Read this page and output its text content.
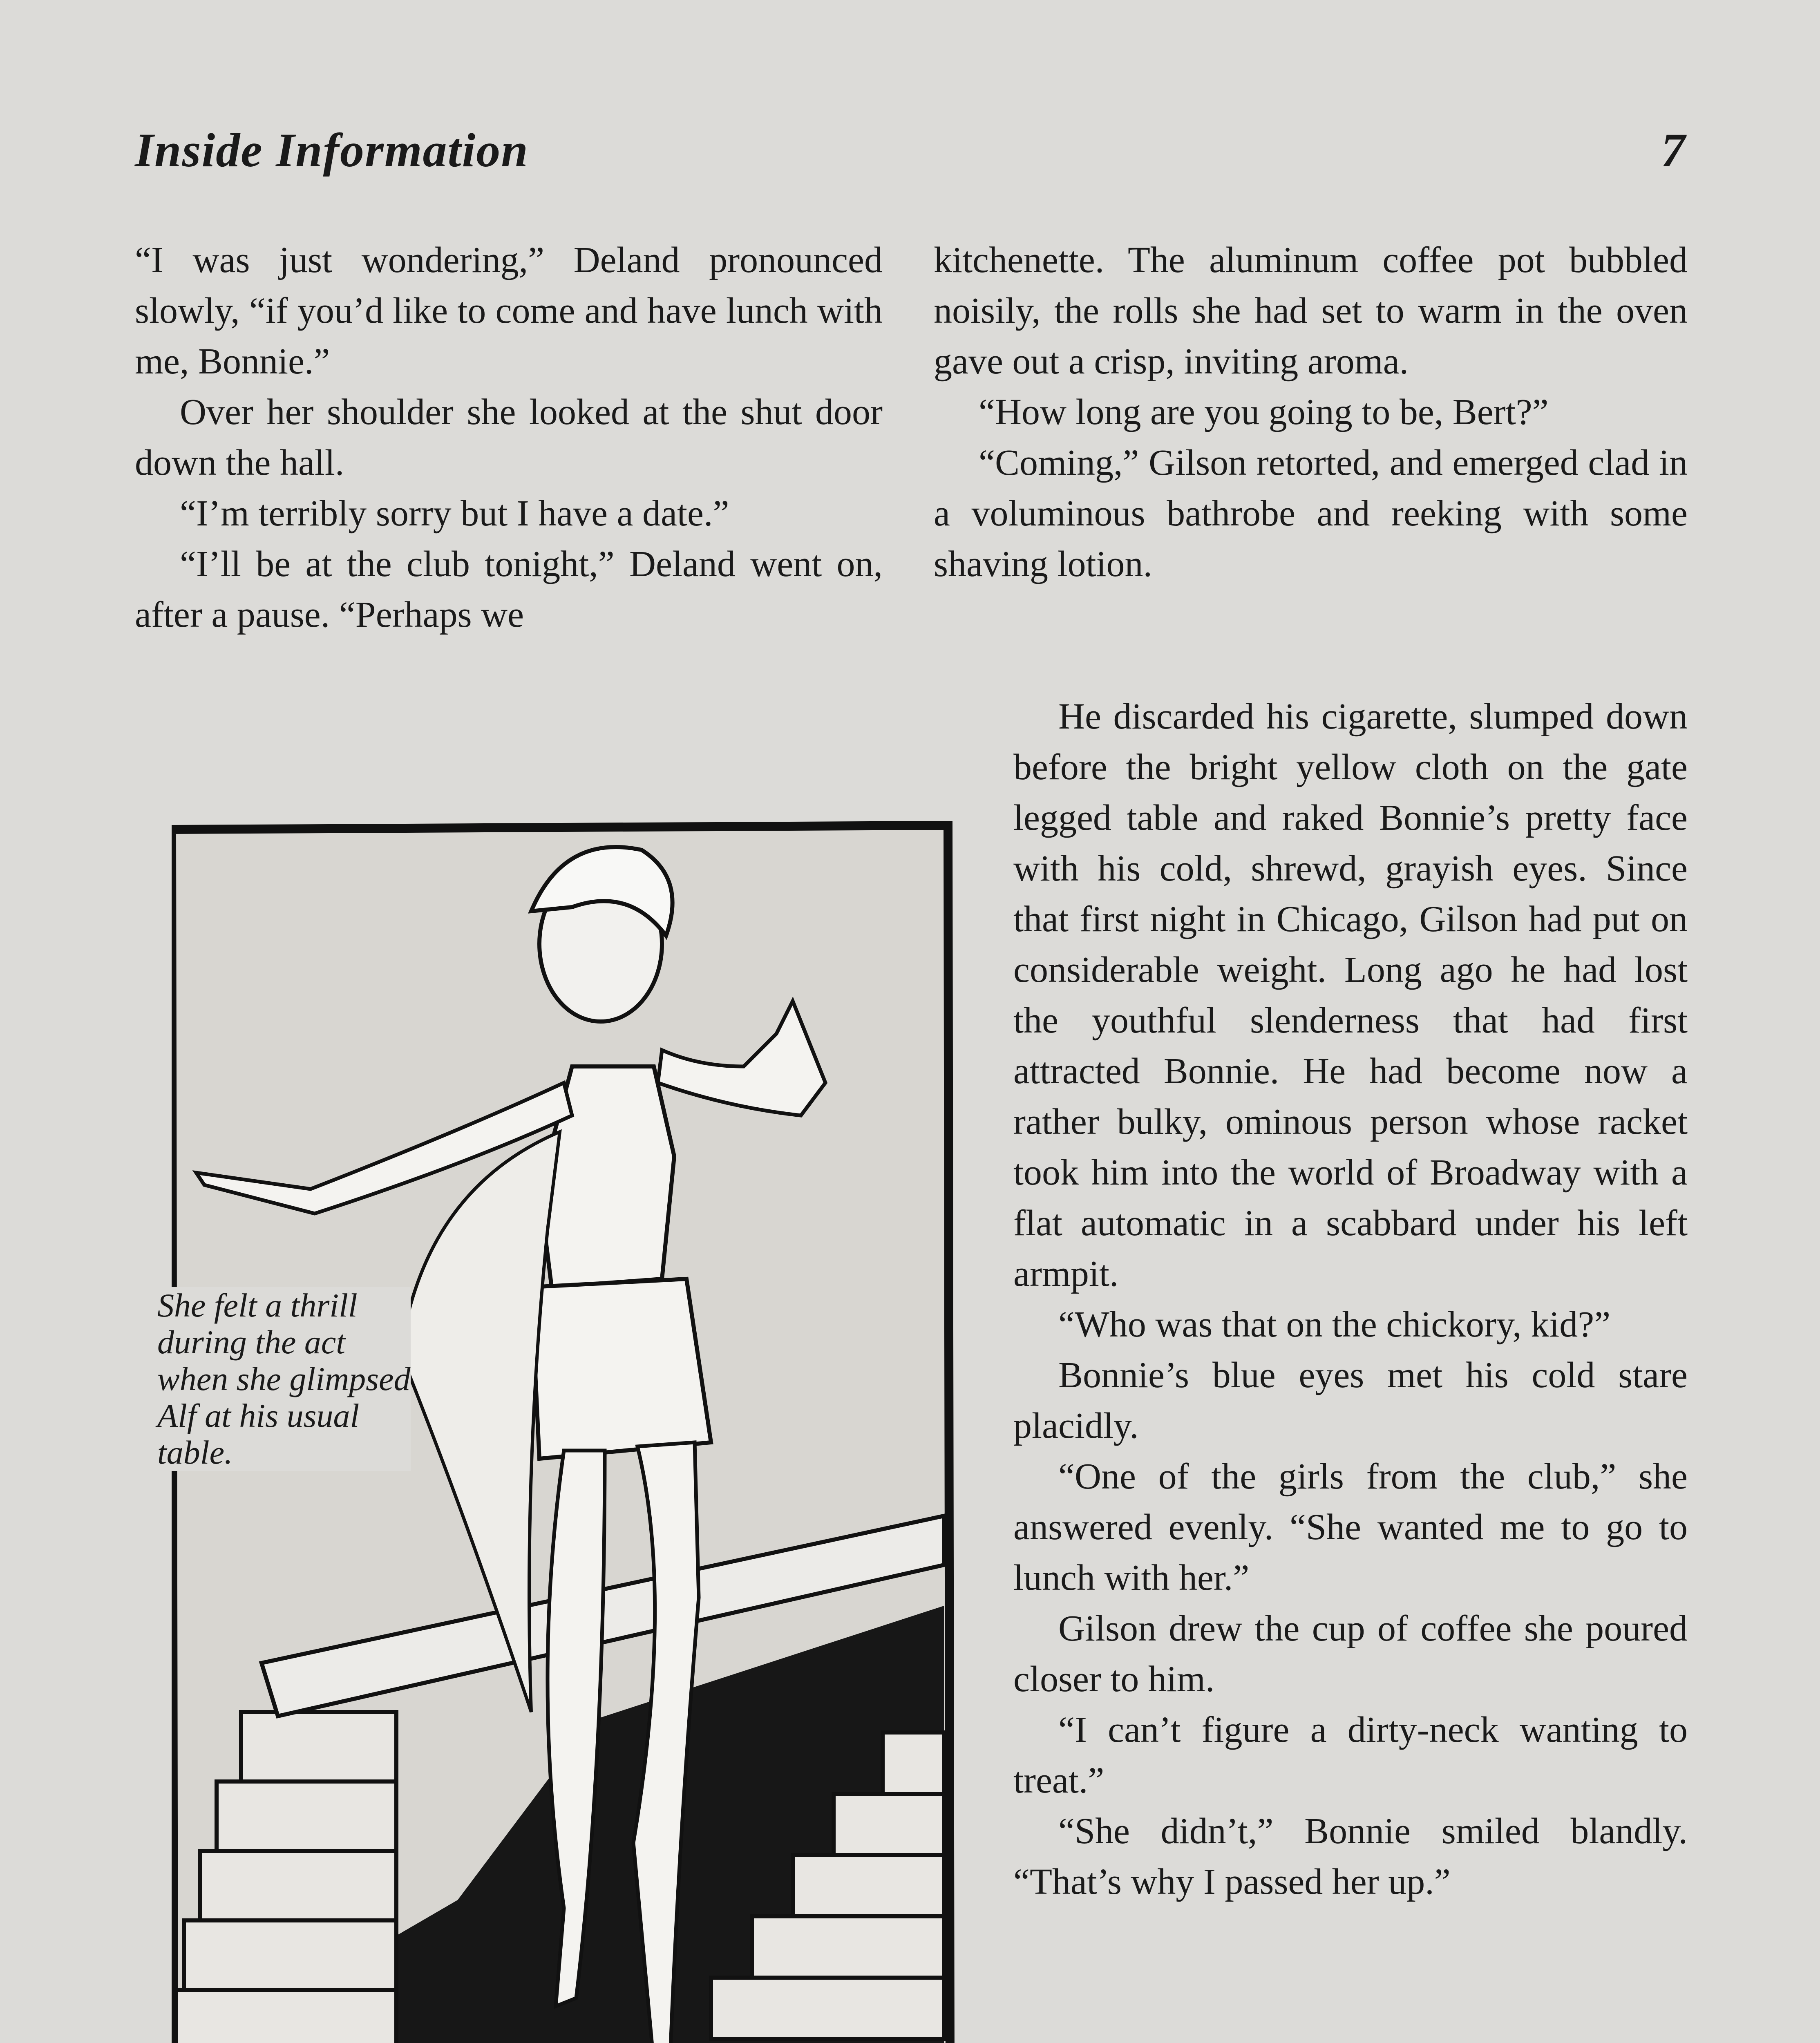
Inside Information	7

“I was just wondering,” Deland pronounced slowly, “if you’d like to come and have lunch with me, Bonnie.”

Over her shoulder she looked at the shut door down the hall.

“I’m terribly sorry but I have a date.”

“I’ll be at the club tonight,” Deland went on, after a pause. “Perhaps we

She felt a thrill during the act when she glimpsed Alf at his usual table.

kitchenette. The aluminum coffee pot bubbled noisily, the rolls she had set to warm in the oven gave out a crisp, inviting aroma.

“How long are you going to be, Bert?”

“Coming,” Gilson retorted, and emerged clad in a voluminous bathrobe and reeking with some shaving lotion.

He discarded his cigarette, slumped down before the bright yellow cloth on the gate legged table and raked Bonnie’s pretty face with his cold, shrewd, grayish eyes. Since that first night in Chicago, Gilson had put on considerable weight. Long ago he had lost the youthful slenderness that had first attracted Bonnie. He had become now a rather bulky, ominous person whose racket took him into the world of Broadway with a flat automatic in a scabbard under his left armpit.

“Who was that on the chickory, kid?”

Bonnie’s blue eyes met his cold stare placidly.

“One of the girls from the club,” she answered evenly. “She wanted me to go to lunch with her.”

Gilson drew the cup of coffee she poured closer to him.

“I can’t figure a dirty-neck wanting to treat.”

“She didn’t,” Bonnie smiled blandly. “That’s why I passed her up.”
